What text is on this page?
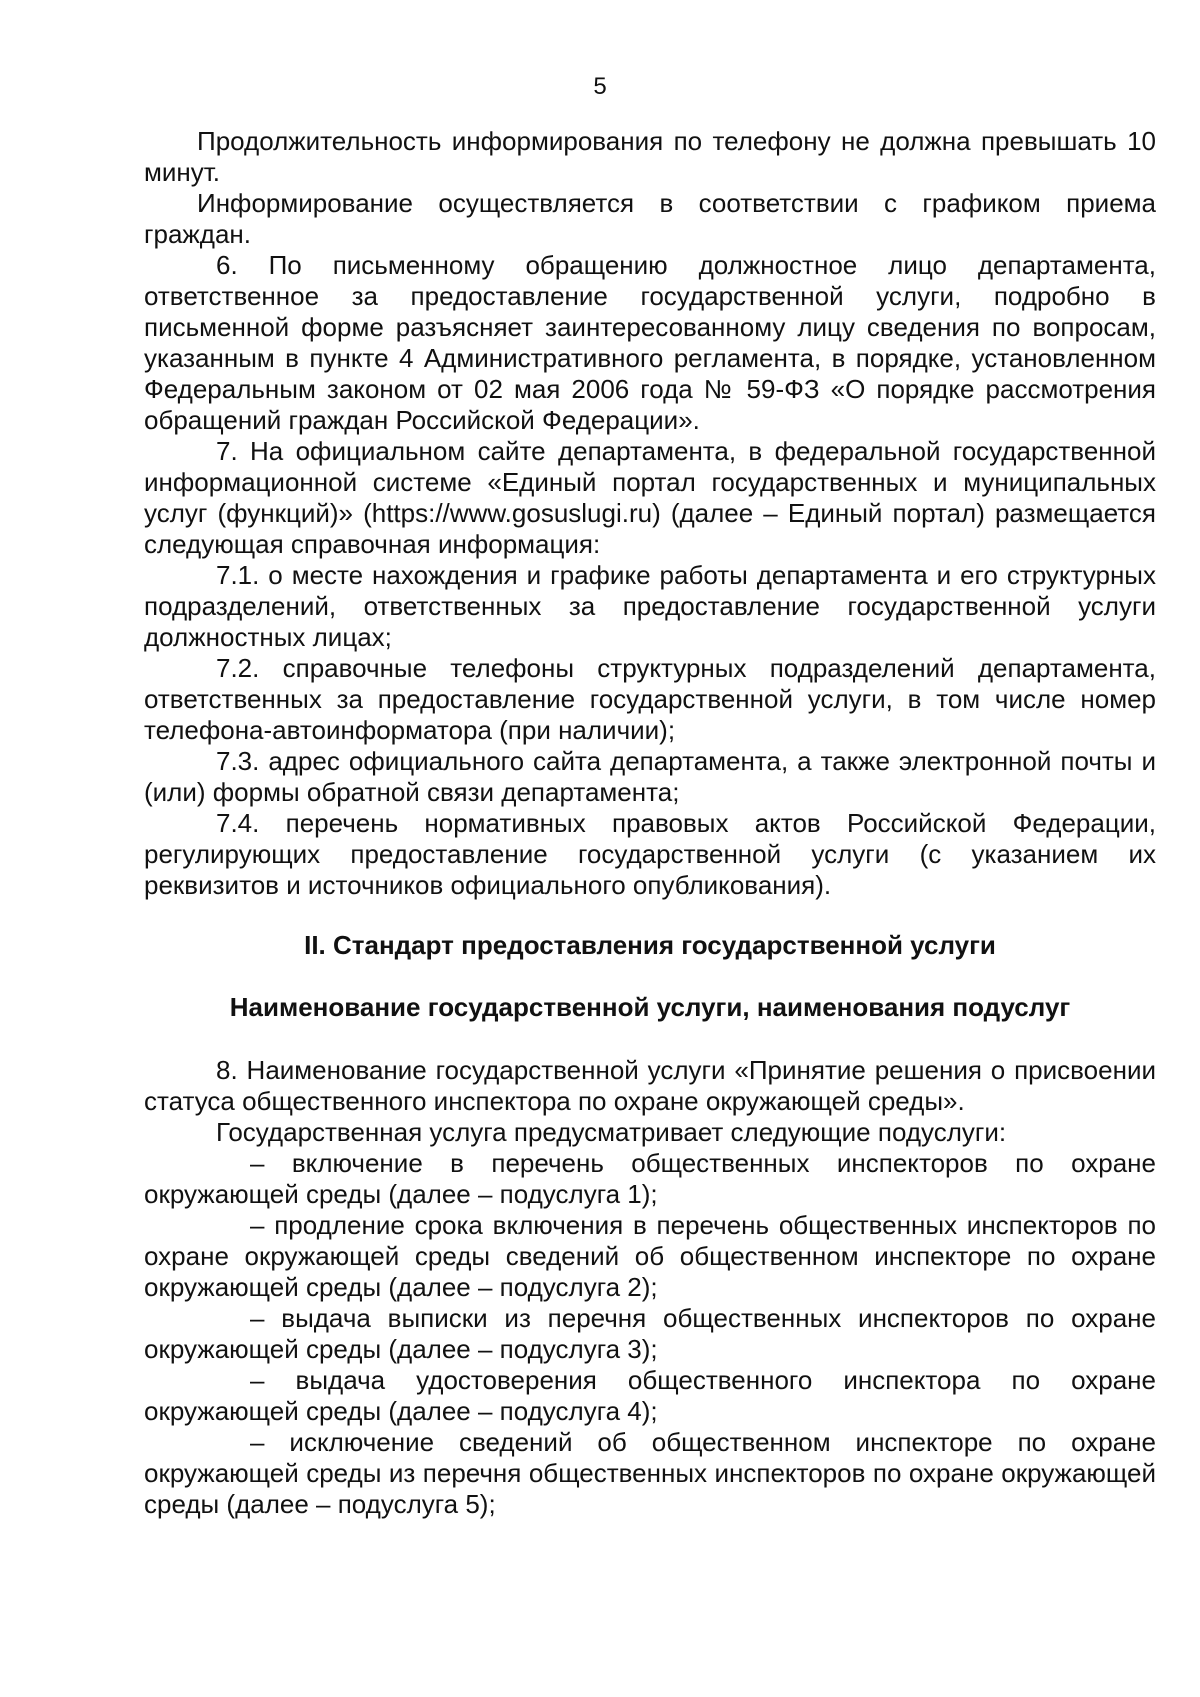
5

Продолжительность информирования по телефону не должна превышать 10 минут.

Информирование осуществляется в соответствии с графиком приема граждан.

6. По письменному обращению должностное лицо департамента, ответственное за предоставление государственной услуги, подробно в письменной форме разъясняет заинтересованному лицу сведения по вопросам, указанным в пункте 4 Административного регламента, в порядке, установленном Федеральным законом от 02 мая 2006 года № 59-ФЗ «О порядке рассмотрения обращений граждан Российской Федерации».

7. На официальном сайте департамента, в федеральной государственной информационной системе «Единый портал государственных и муниципальных услуг (функций)» (https://www.gosuslugi.ru) (далее – Единый портал) размещается следующая справочная информация:

7.1. о месте нахождения и графике работы департамента и его структурных подразделений, ответственных за предоставление государственной услуги должностных лицах;

7.2. справочные телефоны структурных подразделений департамента, ответственных за предоставление государственной услуги, в том числе номер телефона-автоинформатора (при наличии);

7.3. адрес официального сайта департамента, а также электронной почты и (или) формы обратной связи департамента;

7.4. перечень нормативных правовых актов Российской Федерации, регулирующих предоставление государственной услуги (с указанием их реквизитов и источников официального опубликования).

II. Стандарт предоставления государственной услуги

Наименование государственной услуги, наименования подуслуг

8. Наименование государственной услуги «Принятие решения о присвоении статуса общественного инспектора по охране окружающей среды».

Государственная услуга предусматривает следующие подуслуги:

– включение в перечень общественных инспекторов по охране окружающей среды (далее – подуслуга 1);

– продление срока включения в перечень общественных инспекторов по охране окружающей среды сведений об общественном инспекторе по охране окружающей среды (далее – подуслуга 2);

– выдача выписки из перечня общественных инспекторов по охране окружающей среды (далее – подуслуга 3);

– выдача удостоверения общественного инспектора по охране окружающей среды (далее – подуслуга 4);

– исключение сведений об общественном инспекторе по охране окружающей среды из перечня общественных инспекторов по охране окружающей среды (далее – подуслуга 5);
